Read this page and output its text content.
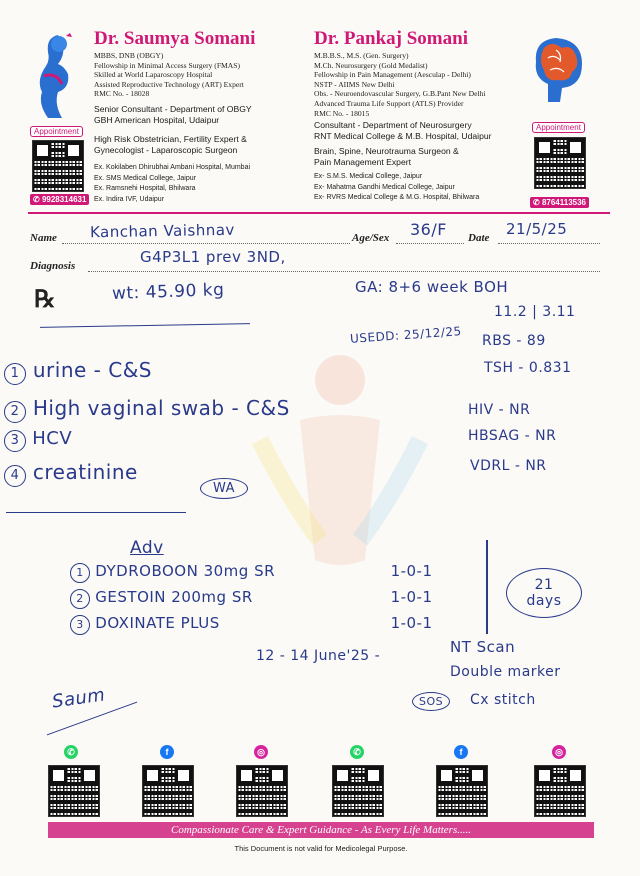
Dr. Saumya Somani
MBBS, DNB (OBGY)
Fellowship in Minimal Access Surgery (FMAS)
Skilled at World Laparoscopy Hospital
Assisted Reproductive Technology (ART) Expert
RMC No. - 18028
Senior Consultant - Department of OBGY
GBH American Hospital, Udaipur
High Risk Obstetrician, Fertility Expert &
Gynecologist - Laparoscopic Surgeon
Ex. Kokilaben Dhirubhai Ambani Hospital, Mumbai
Ex. SMS Medical College, Jaipur
Ex. Ramsnehi Hospital, Bhilwara
Ex. Indira IVF, Udaipur
Appointment
✆ 9928314631
Dr. Pankaj Somani
M.B.B.S., M.S. (Gen. Surgery)
M.Ch. Neurosurgery (Gold Medalist)
Fellowship in Pain Management (Aesculap - Delhi)
NSTP - AIIMS New Delhi
Obs. - Neuroendovascular Surgery, G.B.Pant New Delhi
Advanced Trauma Life Support (ATLS) Provider
RMC No. - 18015
Consultant - Department of Neurosurgery
RNT Medical College & M.B. Hospital, Udaipur
Brain, Spine, Neurotrauma Surgeon &
Pain Management Expert
Ex- S.M.S. Medical College, Jaipur
Ex- Mahatma Gandhi Medical College, Jaipur
Ex- RVRS Medical College & M.G. Hospital, Bhilwara
Appointment
✆ 8764113536
Name Kanchan Vaishnav	Age/Sex 36/F Date 21/5/25
Diagnosis	G4P3L1 prev 3ND,
℞	wt: 45.90 kg	GA: 8+6 week BOH
USEDD: 25/12/25
11.2 | 3.11
RBS - 89
TSH - 0.831
HIV - NR
HBSAG - NR
VDRL - NR
1 urine - C&S
2 High vaginal swab - C&S
3 HCV
4 creatinine
WA
Adv
1 DYDROBOON 30mg SR	1-0-1
2 GESTOIN 200mg SR	1-0-1
3 DOXINATE PLUS	1-0-1
21 days
12 - 14 June'25 -	NT Scan
Double marker
SOS	Cx stitch
Saum
✆	f	◎	✆	f	◎
Compassionate Care & Expert Guidance - As Every Life Matters.....
This Document is not valid for Medicolegal Purpose.
